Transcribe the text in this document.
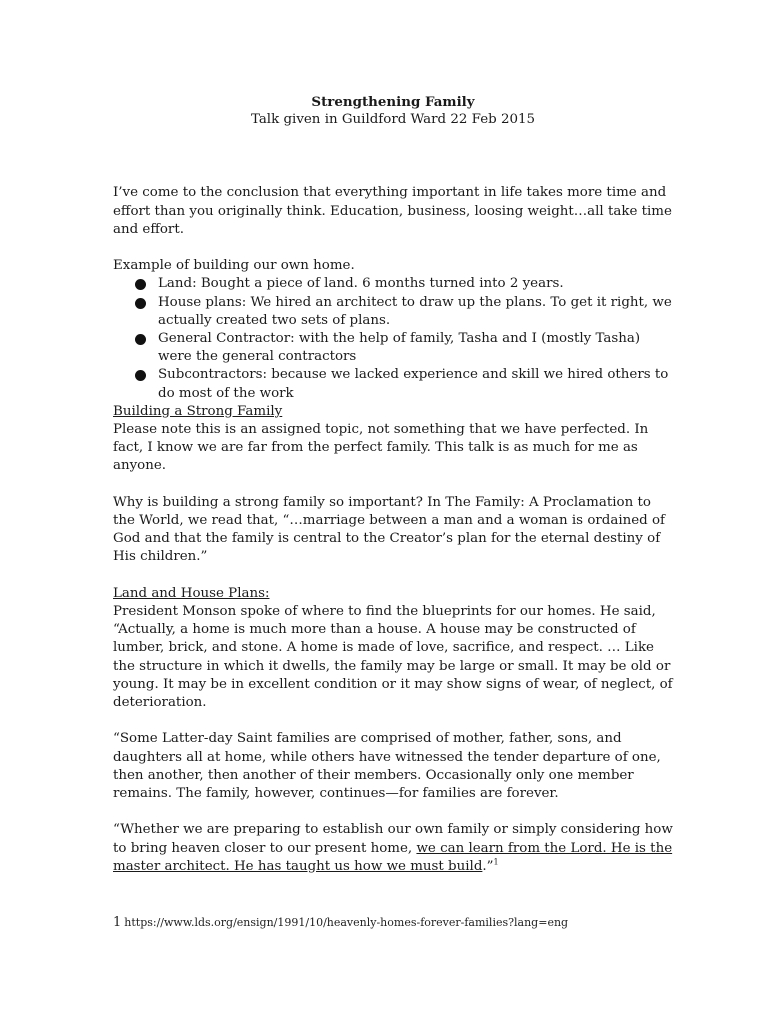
Strengthening Family

Talk given in Guildford Ward 22 Feb 2015

I’ve come to the conclusion that everything important in life takes more time and effort than you originally think. Education, business, loosing weight…all take time and effort.

Example of building our own home.

Land: Bought a piece of land. 6 months turned into 2 years.
House plans: We hired an architect to draw up the plans. To get it right, we actually created two sets of plans.
General Contractor: with the help of family, Tasha and I (mostly Tasha) were the general contractors
Subcontractors: because we lacked experience and skill we hired others to do most of the work

Building a Strong Family

Please note this is an assigned topic, not something that we have perfected. In fact, I know we are far from the perfect family. This talk is as much for me as anyone.

Why is building a strong family so important? In The Family: A Proclamation to the World, we read that, “…marriage between a man and a woman is ordained of God and that the family is central to the Creator’s plan for the eternal destiny of His children.”

Land and House Plans:

President Monson spoke of where to find the blueprints for our homes. He said, “Actually, a home is much more than a house. A house may be constructed of lumber, brick, and stone. A home is made of love, sacrifice, and respect. … Like the structure in which it dwells, the family may be large or small. It may be old or young. It may be in excellent condition or it may show signs of wear, of neglect, of deterioration.

“Some Latter-day Saint families are comprised of mother, father, sons, and daughters all at home, while others have witnessed the tender departure of one, then another, then another of their members. Occasionally only one member remains. The family, however, continues—for families are forever.

“Whether we are preparing to establish our own family or simply considering how to bring heaven closer to our present home, we can learn from the Lord. He is the master architect. He has taught us how we must build.”$^1$

1 https://www.lds.org/ensign/1991/10/heavenly-homes-forever-families?lang=eng
